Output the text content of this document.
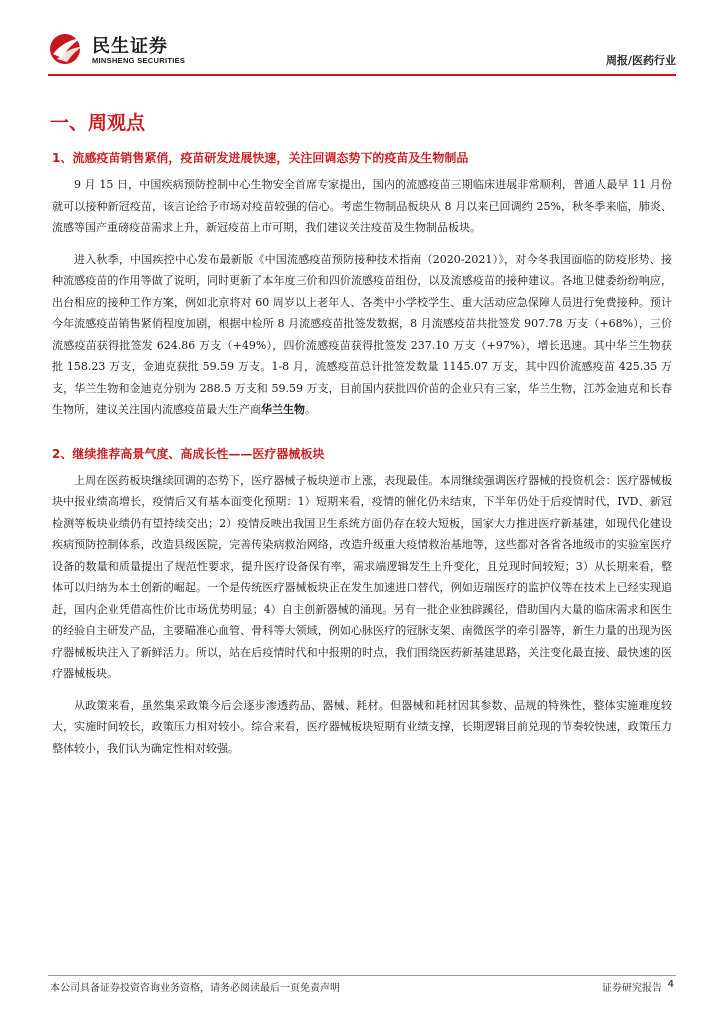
民生证券
MINSHENG SECURITIES	周报/医药行业
一、周观点
1、流感疫苗销售紧俏，疫苗研发进展快速，关注回调态势下的疫苗及生物制品

9 月 15 日，中国疾病预防控制中心生物安全首席专家提出，国内的流感疫苗三期临床进展非常顺利，普通人最早 11 月份就可以接种新冠疫苗，该言论给予市场对疫苗较强的信心。考虑生物制品板块从 8 月以来已回调约 25%，秋冬季来临，肺炎、流感等国产重磅疫苗需求上升，新冠疫苗上市可期，我们建议关注疫苗及生物制品板块。

进入秋季，中国疾控中心发布最新版《中国流感疫苗预防接种技术指南（2020-2021）》，对今冬我国面临的防疫形势、接种流感疫苗的作用等做了说明，同时更新了本年度三价和四价流感疫苗组份，以及流感疫苗的接种建议。各地卫健委纷纷响应，出台相应的接种工作方案，例如北京将对 60 周岁以上老年人、各类中小学校学生、重大活动应急保障人员进行免费接种。预计今年流感疫苗销售紧俏程度加剧，根据中检所 8 月流感疫苗批签发数据，8 月流感疫苗共批签发 907.78 万支（+68%），三价流感疫苗获得批签发 624.86 万支（+49%），四价流感疫苗获得批签发 237.10 万支（+97%），增长迅速。其中华兰生物获批 158.23 万支，金迪克获批 59.59 万支。1-8 月，流感疫苗总计批签发数量 1145.07 万支，其中四价流感疫苗 425.35 万支，华兰生物和金迪克分别为 288.5 万支和 59.59 万支，目前国内获批四价苗的企业只有三家，华兰生物，江苏金迪克和长春生物所，建议关注国内流感疫苗最大生产商华兰生物。

2、继续推荐高景气度、高成长性——医疗器械板块

上周在医药板块继续回调的态势下，医疗器械子板块逆市上涨，表现最佳。本周继续强调医疗器械的投资机会：医疗器械板块中报业绩高增长，疫情后又有基本面变化预期：1）短期来看，疫情的催化仍未结束，下半年仍处于后疫情时代，IVD、新冠检测等板块业绩仍有望持续交出；2）疫情反映出我国卫生系统方面仍存在较大短板，国家大力推进医疗新基建，如现代化建设疾病预防控制体系，改造县级医院，完善传染病救治网络，改造升级重大疫情救治基地等，这些都对各省各地级市的实验室医疗设备的数量和质量提出了规范性要求，提升医疗设备保有率，需求端逻辑发生上升变化，且兑现时间较短；3）从长期来看，整体可以归纳为本土创新的崛起。一个是传统医疗器械板块正在发生加速进口替代，例如迈瑞医疗的监护仪等在技术上已经实现追赶，国内企业凭借高性价比市场优势明显；4）自主创新器械的涌现。另有一批企业独辟蹊径，借助国内大量的临床需求和医生的经验自主研发产品，主要瞄准心血管、骨科等大领域，例如心脉医疗的冠脉支架、南微医学的牵引器等，新生力量的出现为医疗器械板块注入了新鲜活力。所以，站在后疫情时代和中报期的时点，我们围绕医药新基建思路，关注变化最直接、最快速的医疗器械板块。

从政策来看，虽然集采政策今后会逐步渗透药品、器械、耗材。但器械和耗材因其参数、品规的特殊性，整体实施难度较大，实施时间较长，政策压力相对较小。综合来看，医疗器械板块短期有业绩支撑，长期逻辑目前兑现的节奏较快速，政策压力整体较小，我们认为确定性相对较强。

本公司具备证券投资咨询业务资格，请务必阅读最后一页免责声明	证券研究报告 4
